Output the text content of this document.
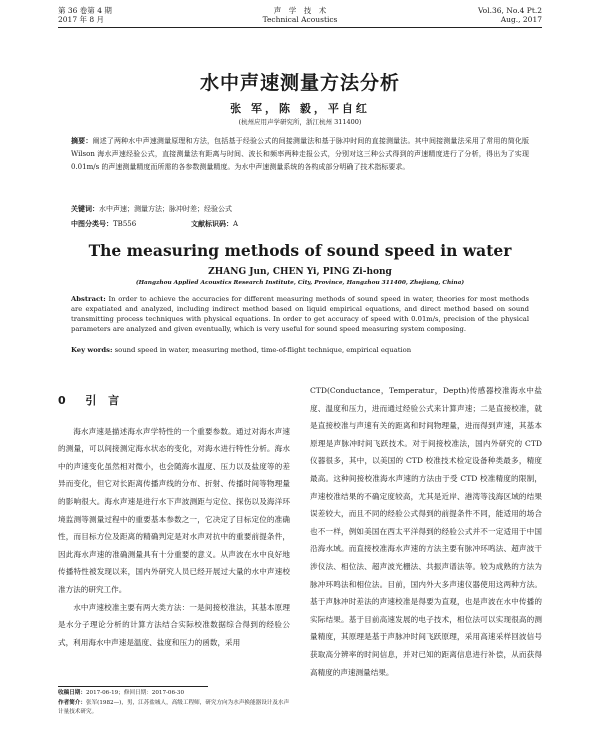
第 36 卷第 4 期
2017 年 8 月
声　学　技　术
Technical Acoustics
Vol.36, No.4 Pt.2
Aug., 2017
水中声速测量方法分析
张 军，陈 毅，平自红
(杭州应用声学研究所，浙江杭州 311400)
摘要：阐述了两种水中声速测量原理和方法，包括基于经验公式的间接测量法和基于脉冲时间的直接测量法。其中间接测量法采用了常用的简化版 Wilson 海水声速经验公式，直接测量法有距离与时间、波长和频率两种走报公式，分别对这三种公式得到的声速精度进行了分析，得出为了实现 0.01m/s 的声速测量精度而所需的各参数测量精度。为水中声速测量系统的各构成部分明确了技术指标要求。
关键词：水中声速；测量方法；脉冲时差；经验公式
中图分类号：TB556	文献标识码：A
The measuring methods of sound speed in water
ZHANG Jun, CHEN Yi, PING Zi-hong
(Hangzhou Applied Acoustics Research Institute, City, Province, Hangzhou 311400, Zhejiang, China)
Abstract: In order to achieve the accuracies for different measuring methods of sound speed in water, theories for most methods are expatiated and analyzed, including indirect method based on liquid empirical equations, and direct method based on sound transmitting process techniques with physical equations. In order to get accuracy of speed with 0.01m/s, precision of the physical parameters are analyzed and given eventually, which is very useful for sound speed measuring system composing.
Key words: sound speed in water, measuring method, time-of-flight technique, empirical equation
0 引 言

海水声速是描述海水声学特性的一个重要参数。通过对海水声速的测量，可以间接测定海水状态的变化，对海水进行特性分析。海水中的声速变化虽然相对微小，也会随海水温度、压力以及盐度等的差异而变化，但它对长距离传播声线的分布、折射、传播时间等物理量的影响很大。海水声速是进行水下声波测距与定位、探伤以及海洋环境监测等测量过程中的重要基本参数之一，它决定了目标定位的准确性，而目标方位及距离的精确判定是对水声对抗中的重要前提条件，因此海水声速的准确测量具有十分重要的意义。从声波在水中良好地传播特性被发现以来，国内外研究人员已经开展过大量的水中声速校准方法的研究工作。

水中声速校准主要有两大类方法：一是间接校准法，其基本原理是水分子理论分析的计算方法结合实际校准数据综合得到的经验公式，利用海水中声速是温度、盐度和压力的函数，采用

CTD(Conductance，Temperatur，Depth)传感器校准海水中盐度、温度和压力，进而通过经验公式来计算声速；二是直接校准，就是直接校准与声速有关的距离和时间物理量，进而得到声速，其基本原理是声脉冲时间飞跃技术。对于间接校准法，国内外研究的 CTD 仪器很多，其中，以美国的 CTD 校准技术检定设备种类最多，精度最高。这种间接校准海水声速的方法由于受 CTD 校准精度的限制，声速校准结果的不确定度较高，尤其是近岸、港湾等浅海区域的结果误差较大，而且不同的经验公式得到的前提条件不同，能适用的场合也不一样，例如美国在西太平洋得到的经验公式并不一定适用于中国沿海水域。而直接校准海水声速的方法主要有脉冲环鸣法、超声波干涉仪法、相位法、超声波光栅法、共振声谱法等。较为成熟的方法为脉冲环鸣法和相位法。目前，国内外大多声速仪器使用这两种方法。基于声脉冲时差法的声速校准是得要为直观，也是声波在水中传播的实际结果。基于目前高速发展的电子技术，相位法可以实现很高的测量精度，其原理是基于声脉冲时间飞跃原理，采用高速采样回波信号获取高分辨率的时间信息，并对已知的距离信息进行补偿，从而获得高精度的声速测量结果。

收稿日期：2017-06-19；修回日期：2017-06-30
作者简介：张军(1982—)，男，江苏盐城人，高级工程师，研究方向为水声换能器设计及水声计量技术研究。
